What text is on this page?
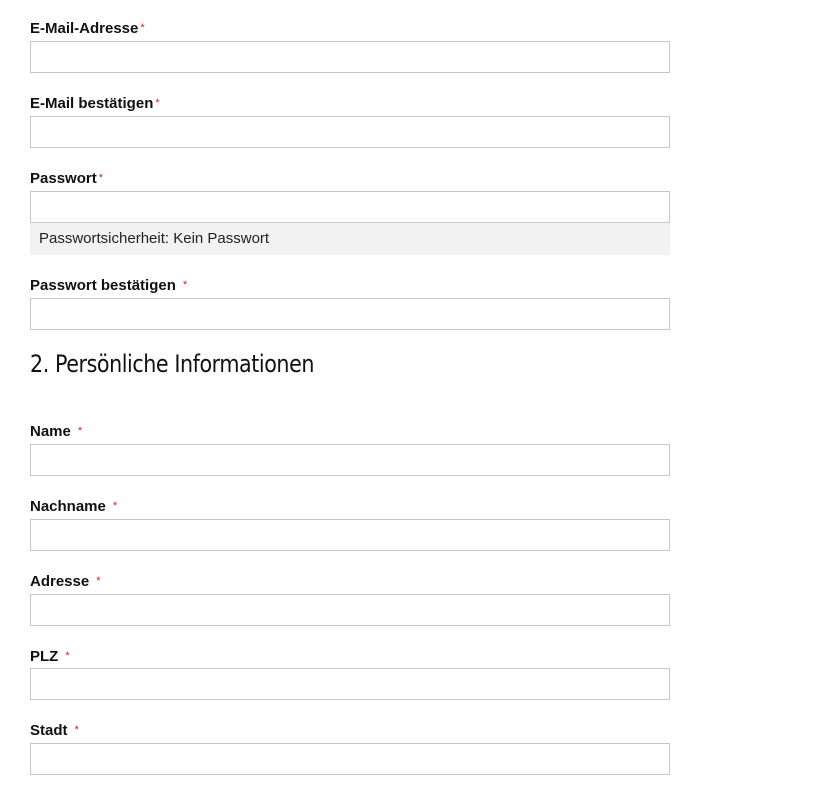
E-Mail-Adresse *
E-Mail bestätigen *
Passwort *
Passwortsicherheit: Kein Passwort
Passwort bestätigen *
2. Persönliche Informationen
Name *
Nachname *
Adresse *
PLZ *
Stadt *
